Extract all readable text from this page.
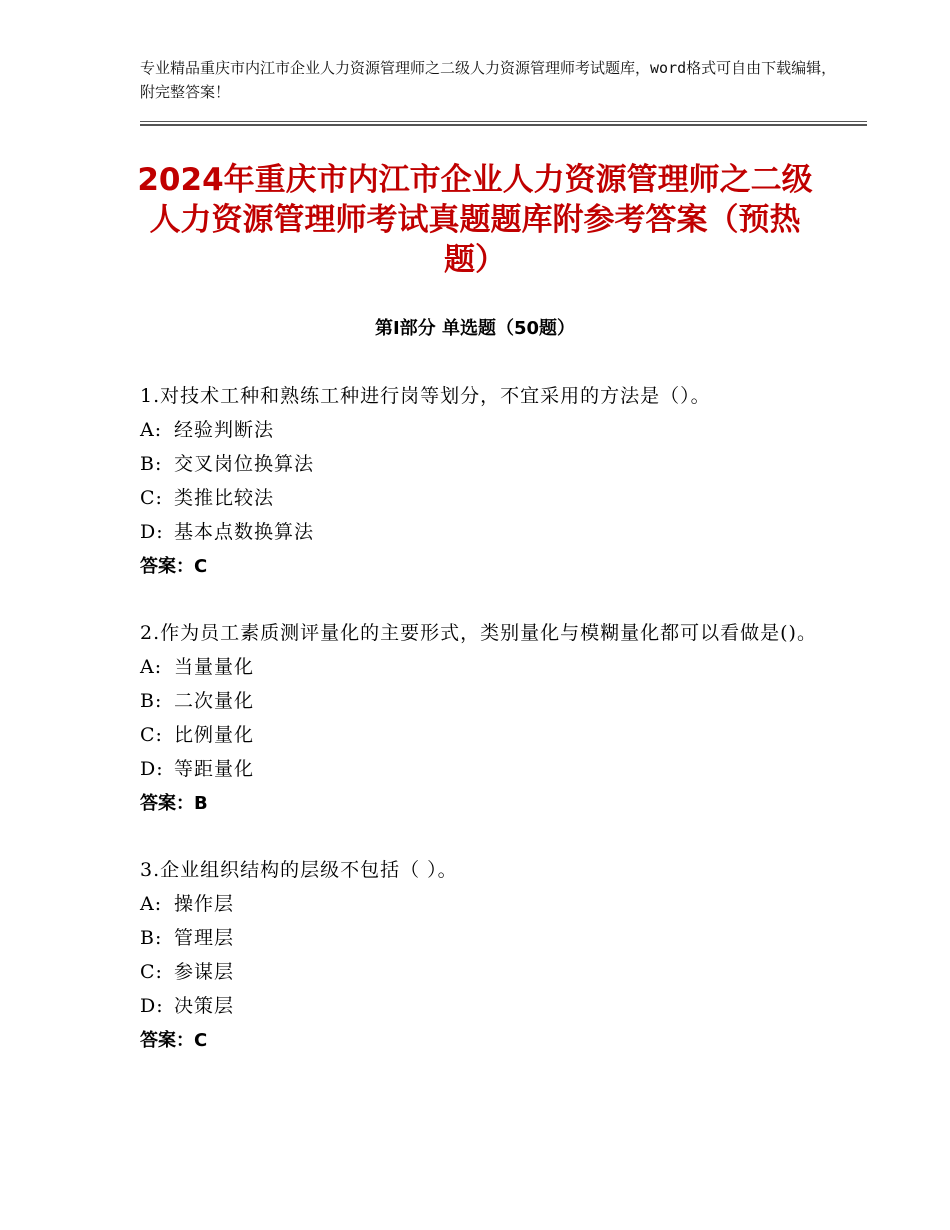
专业精品重庆市内江市企业人力资源管理师之二级人力资源管理师考试题库，word格式可自由下载编辑，附完整答案！
2024年重庆市内江市企业人力资源管理师之二级人力资源管理师考试真题题库附参考答案（预热题）
第Ⅰ部分 单选题（50题）

1.对技术工种和熟练工种进行岗等划分，不宜采用的方法是（）。

A: 经验判断法

B: 交叉岗位换算法

C: 类推比较法

D: 基本点数换算法

答案：C

2.作为员工素质测评量化的主要形式，类别量化与模糊量化都可以看做是()。

A: 当量量化

B: 二次量化

C: 比例量化

D: 等距量化

答案：B

3.企业组织结构的层级不包括（ ）。

A: 操作层

B: 管理层

C: 参谋层

D: 决策层

答案：C
